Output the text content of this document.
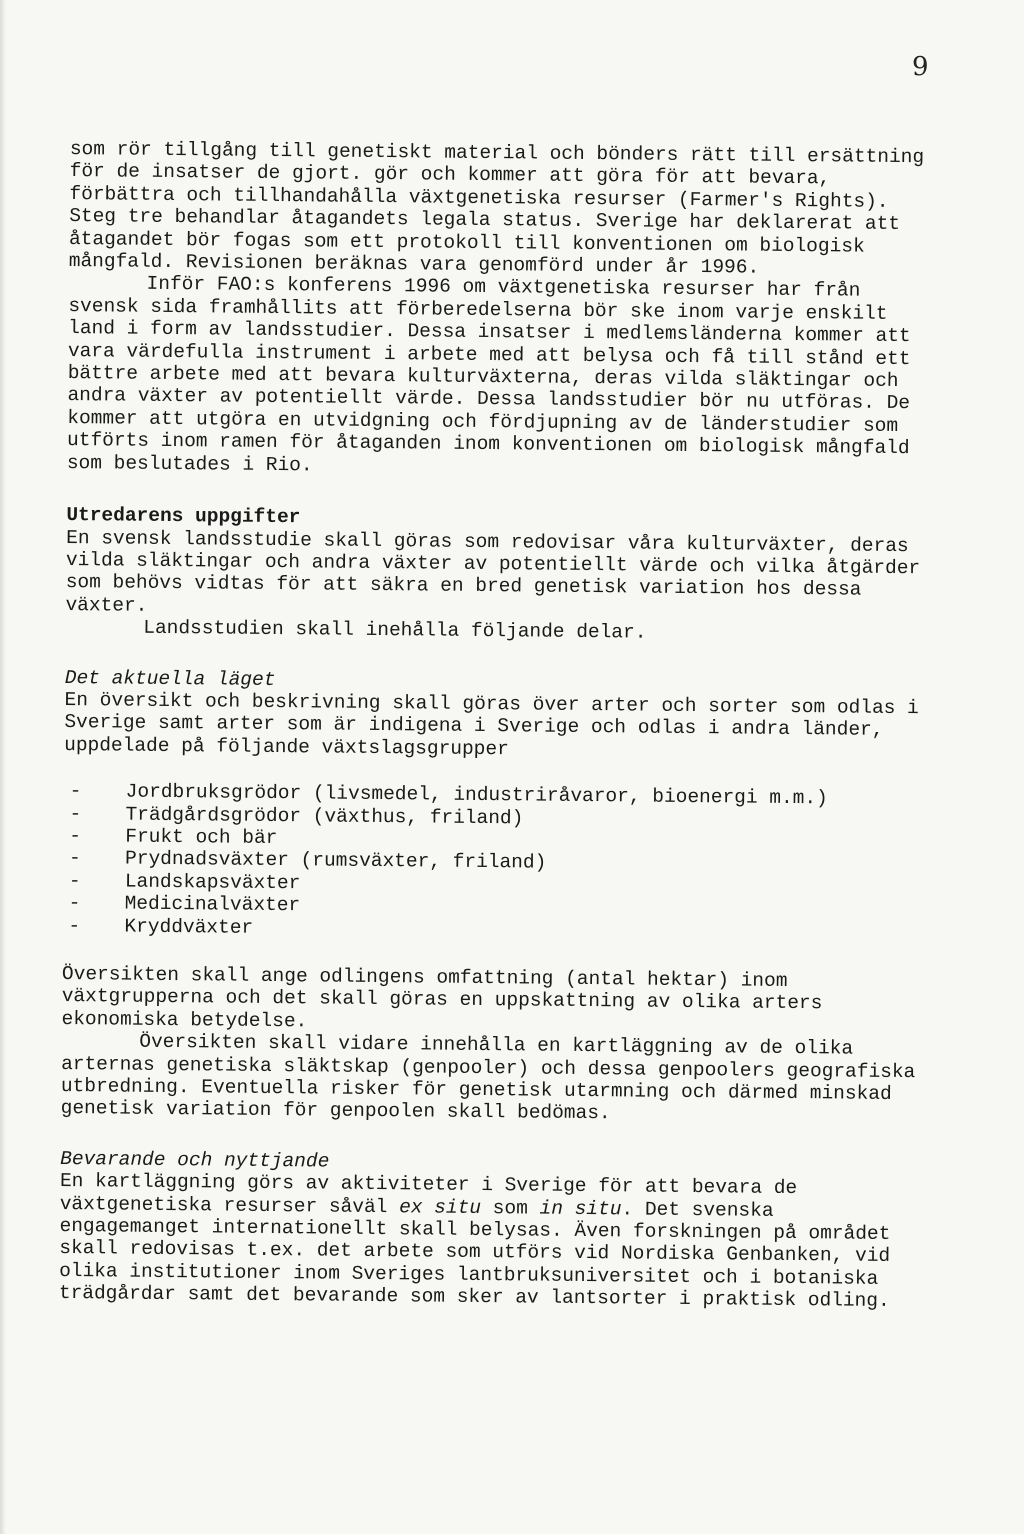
9

som rör tillgång till genetiskt material och bönders rätt till ersättning för de insatser de gjort. gör och kommer att göra för att bevara, förbättra och tillhandahålla växtgenetiska resurser (Farmer's Rights). Steg tre behandlar åtagandets legala status. Sverige har deklarerat att åtagandet bör fogas som ett protokoll till konventionen om biologisk mångfald. Revisionen beräknas vara genomförd under år 1996.

Inför FAO:s konferens 1996 om växtgenetiska resurser har från svensk sida framhållits att förberedelserna bör ske inom varje enskilt land i form av landsstudier. Dessa insatser i medlemsländerna kommer att vara värdefulla instrument i arbete med att belysa och få till stånd ett bättre arbete med att bevara kulturväxterna, deras vilda släktingar och andra växter av potentiellt värde. Dessa landsstudier bör nu utföras. De kommer att utgöra en utvidgning och fördjupning av de länderstudier som utförts inom ramen för åtaganden inom konventionen om biologisk mångfald som beslutades i Rio.

Utredarens uppgifter

En svensk landsstudie skall göras som redovisar våra kulturväxter, deras vilda släktingar och andra växter av potentiellt värde och vilka åtgärder som behövs vidtas för att säkra en bred genetisk variation hos dessa växter.

Landsstudien skall inehålla följande delar.

Det aktuella läget

En översikt och beskrivning skall göras över arter och sorter som odlas i Sverige samt arter som är indigena i Sverige och odlas i andra länder, uppdelade på följande växtslagsgrupper

- Jordbruksgrödor (livsmedel, industriråvaror, bioenergi m.m.)
- Trädgårdsgrödor (växthus, friland)
- Frukt och bär
- Prydnadsväxter (rumsväxter, friland)
- Landskapsväxter
- Medicinalväxter
- Kryddväxter

Översikten skall ange odlingens omfattning (antal hektar) inom växtgrupperna och det skall göras en uppskattning av olika arters ekonomiska betydelse.

Översikten skall vidare innehålla en kartläggning av de olika arternas genetiska släktskap (genpooler) och dessa genpoolers geografiska utbredning. Eventuella risker för genetisk utarmning och därmed minskad genetisk variation för genpoolen skall bedömas.

Bevarande och nyttjande

En kartläggning görs av aktiviteter i Sverige för att bevara de växtgenetiska resurser såväl ex situ som in situ. Det svenska engagemanget internationellt skall belysas. Även forskningen på området skall redovisas t.ex. det arbete som utförs vid Nordiska Genbanken, vid olika institutioner inom Sveriges lantbruksuniversitet och i botaniska trädgårdar samt det bevarande som sker av lantsorter i praktisk odling.
